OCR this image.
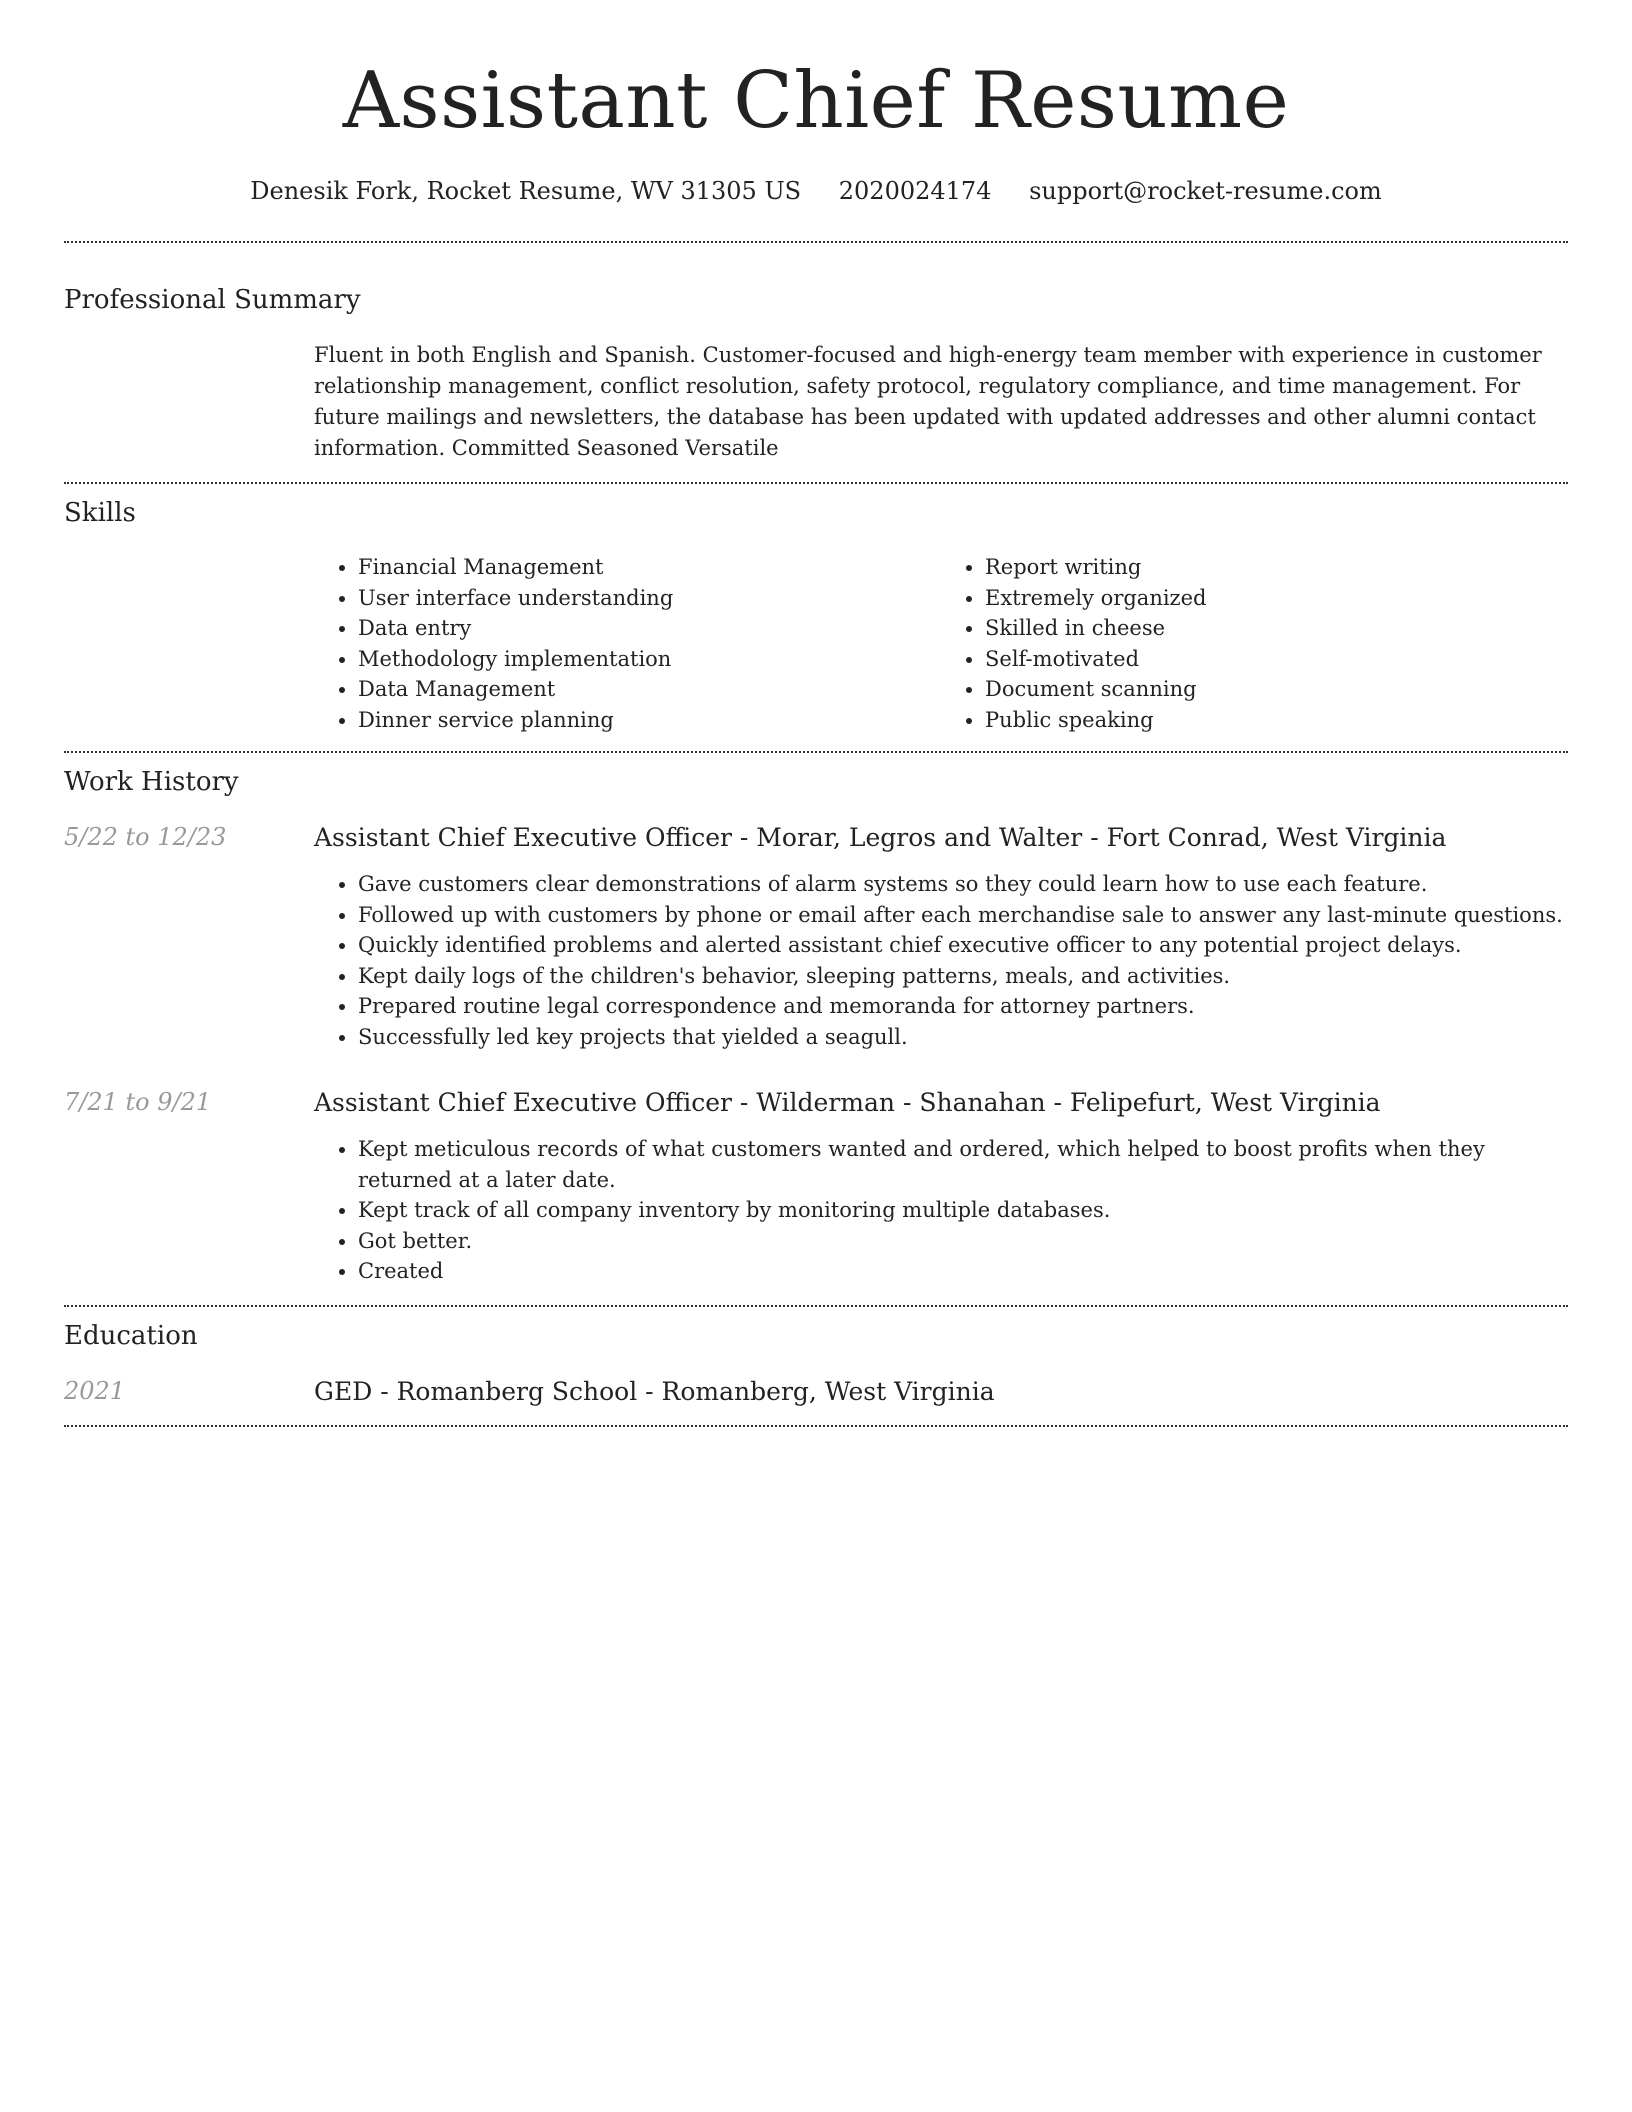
Assistant Chief Resume
Denesik Fork, Rocket Resume, WV 31305 US 2020024174 support@rocket-resume.com
Professional Summary

Fluent in both English and Spanish. Customer-focused and high-energy team member with experience in customer relationship management, conflict resolution, safety protocol, regulatory compliance, and time management. For future mailings and newsletters, the database has been updated with updated addresses and other alumni contact information. Committed Seasoned Versatile

Skills
• Financial Management
• User interface understanding
• Data entry
• Methodology implementation
• Data Management
• Dinner service planning
• Report writing
• Extremely organized
• Skilled in cheese
• Self-motivated
• Document scanning
• Public speaking
Work History
5/22 to 12/23	Assistant Chief Executive Officer - Morar, Legros and Walter - Fort Conrad, West Virginia
• Gave customers clear demonstrations of alarm systems so they could learn how to use each feature.
• Followed up with customers by phone or email after each merchandise sale to answer any last-minute questions.
• Quickly identified problems and alerted assistant chief executive officer to any potential project delays.
• Kept daily logs of the children's behavior, sleeping patterns, meals, and activities.
• Prepared routine legal correspondence and memoranda for attorney partners.
• Successfully led key projects that yielded a seagull.
7/21 to 9/21	Assistant Chief Executive Officer - Wilderman - Shanahan - Felipefurt, West Virginia
• Kept meticulous records of what customers wanted and ordered, which helped to boost profits when they returned at a later date.
• Kept track of all company inventory by monitoring multiple databases.
• Got better.
• Created
Education
2021	GED - Romanberg School - Romanberg, West Virginia
